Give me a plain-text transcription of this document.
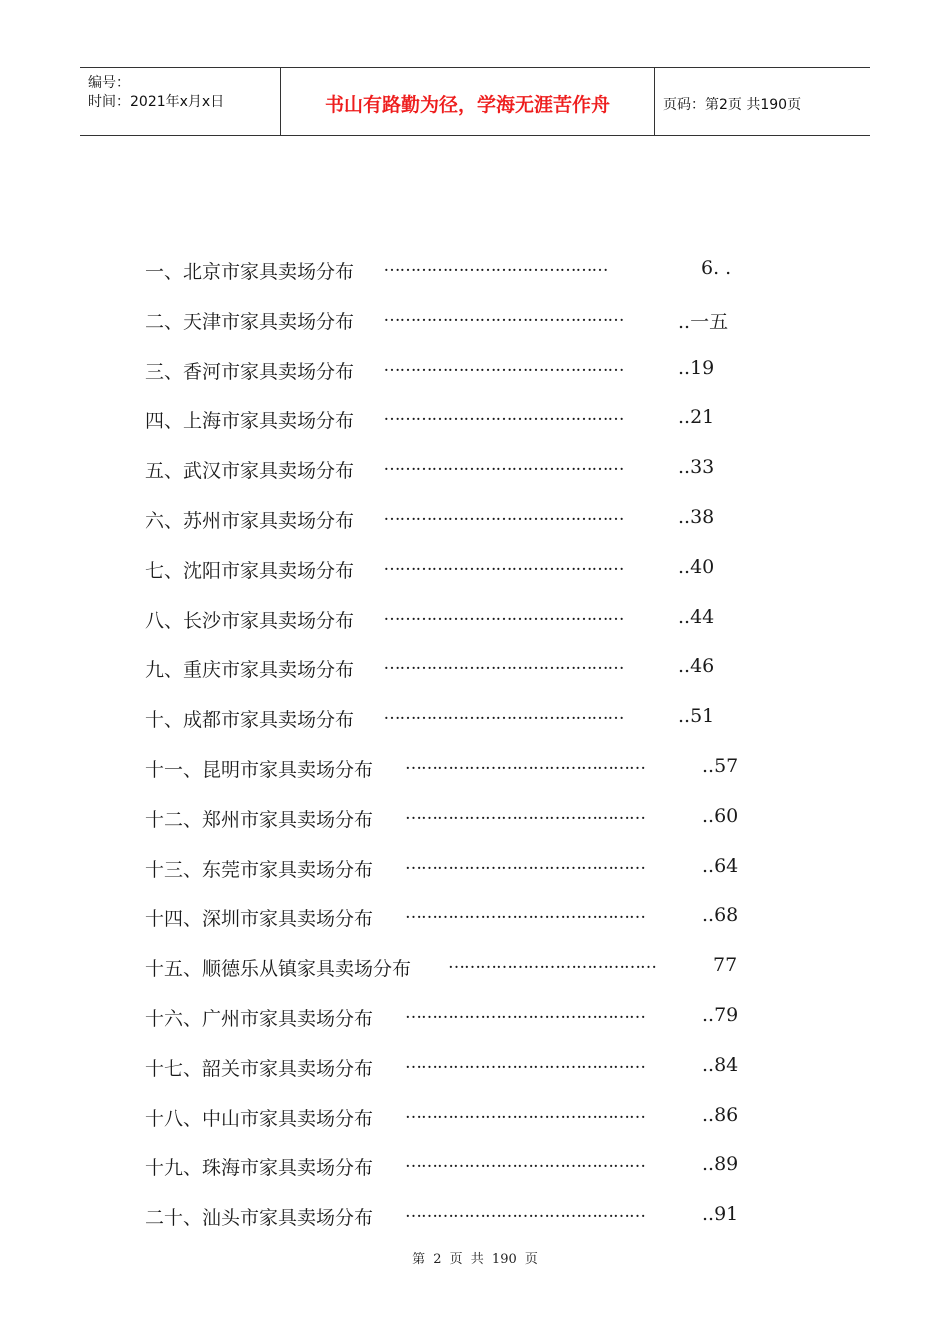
编号：
时间：2021年x月x日	书山有路勤为径，学海无涯苦作舟	页码：第2页 共190页
一、北京市家具卖场分布 ……………………………………	6. .
二、天津市家具卖场分布 ………………………………………	..一五
三、香河市家具卖场分布 ………………………………………	..19
四、上海市家具卖场分布 ………………………………………	..21
五、武汉市家具卖场分布 ………………………………………	..33
六、苏州市家具卖场分布 ………………………………………	..38
七、沈阳市家具卖场分布 ………………………………………	..40
八、长沙市家具卖场分布 ………………………………………	..44
九、重庆市家具卖场分布 ………………………………………	..46
十、成都市家具卖场分布 ………………………………………	..51
十一、昆明市家具卖场分布 ………………………………………	..57
十二、郑州市家具卖场分布 ………………………………………	..60
十三、东莞市家具卖场分布 ………………………………………	..64
十四、深圳市家具卖场分布 ………………………………………	..68
十五、顺德乐从镇家具卖场分布 …………………………………	77
十六、广州市家具卖场分布 ………………………………………	..79
十七、韶关市家具卖场分布 ………………………………………	..84
十八、中山市家具卖场分布 ………………………………………	..86
十九、珠海市家具卖场分布 ………………………………………	..89
二十、汕头市家具卖场分布 ………………………………………	..91
第 2 页 共 190 页
